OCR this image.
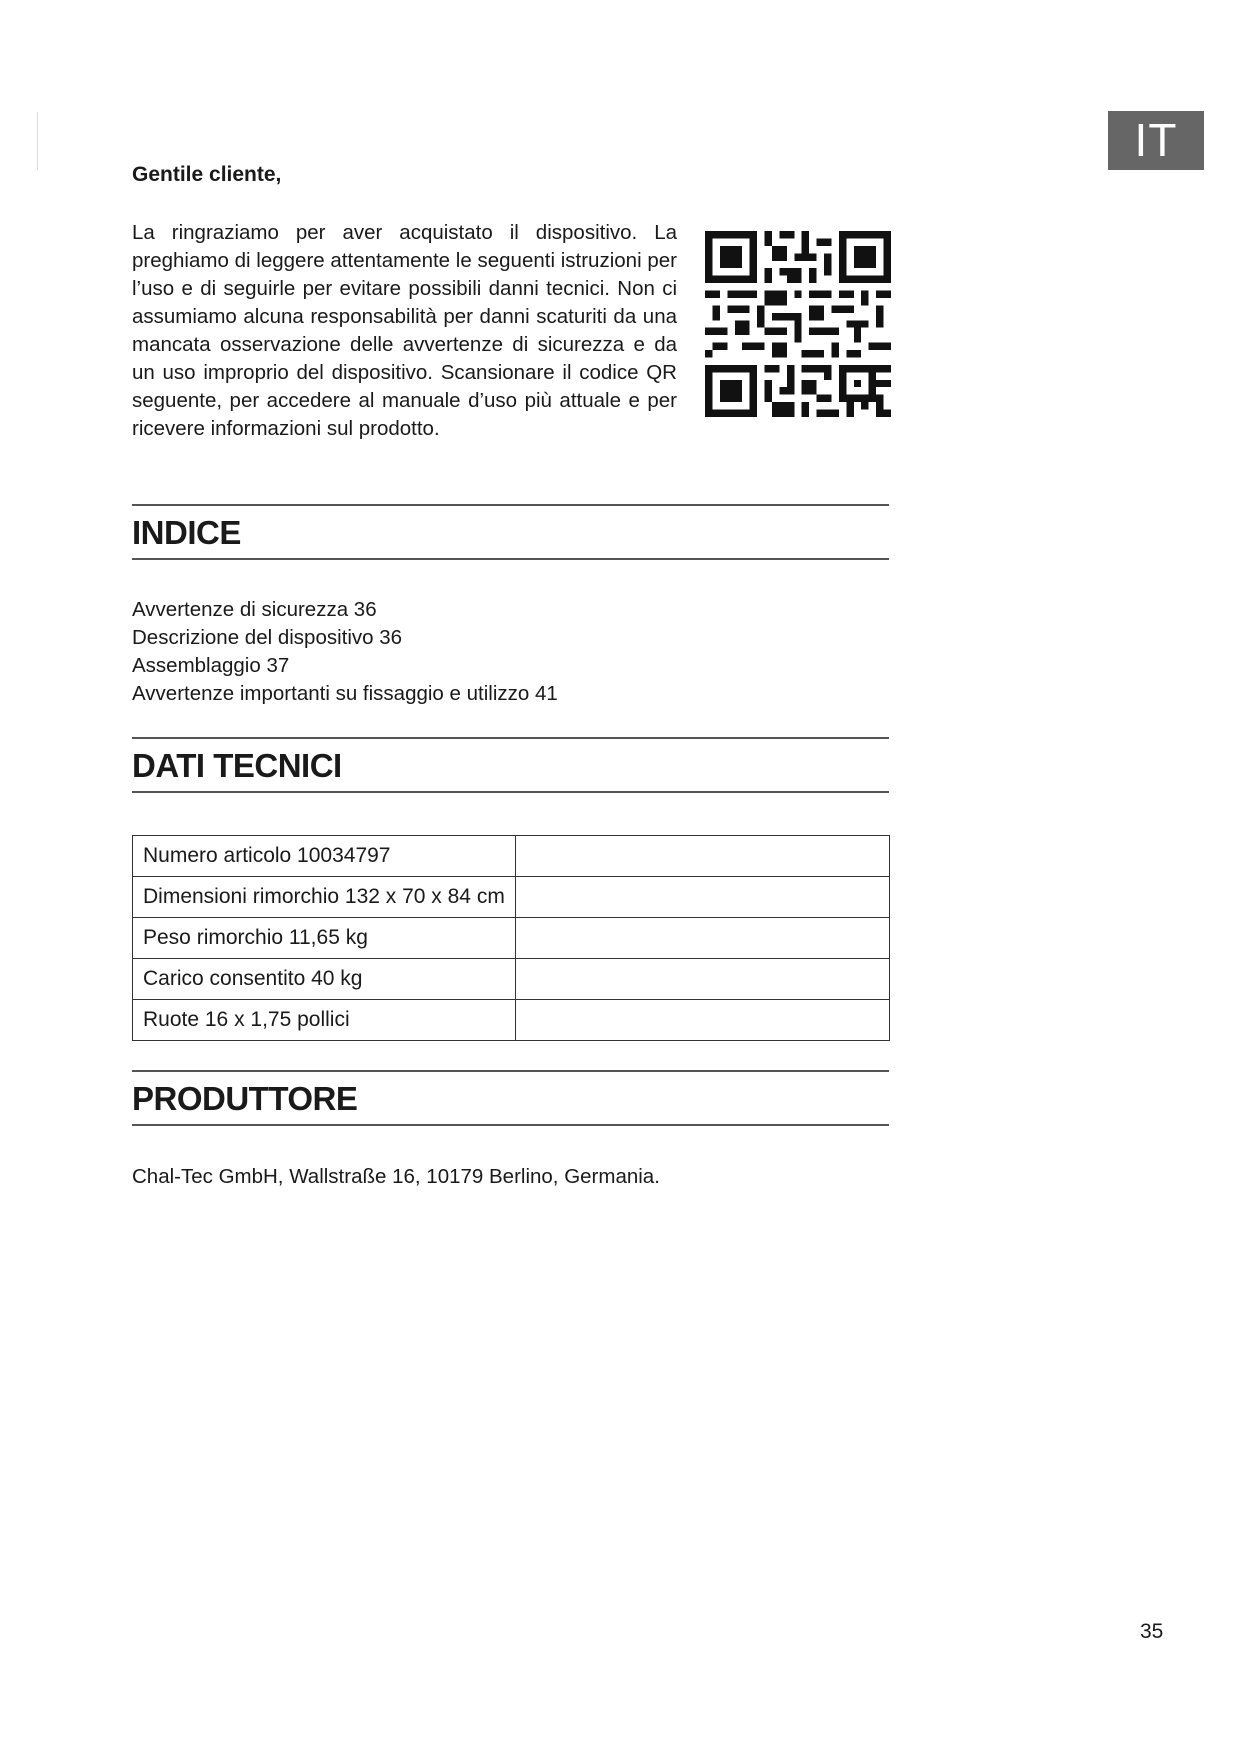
IT

Gentile cliente,

La ringraziamo per aver acquistato il dispositivo. La preghiamo di leggere attentamente le seguenti istruzioni per l’uso e di seguirle per evitare possibili danni tecnici. Non ci assumiamo alcuna responsabilità per danni scaturiti da una mancata osservazione delle avvertenze di sicurezza e da un uso improprio del dispositivo. Scansionare il codice QR seguente, per accedere al manuale d’uso più attuale e per ricevere informazioni sul prodotto.

INDICE
Avvertenze di sicurezza 36
Descrizione del dispositivo 36
Assemblaggio 37
Avvertenze importanti su fissaggio e utilizzo 41
DATI TECNICI
Numero articolo 10034797	
Dimensioni rimorchio 132 x 70 x 84 cm	
Peso rimorchio 11,65 kg	
Carico consentito 40 kg	
Ruote 16 x 1,75 pollici	
PRODUTTORE

Chal-Tec GmbH, Wallstraße 16, 10179 Berlino, Germania.

35
